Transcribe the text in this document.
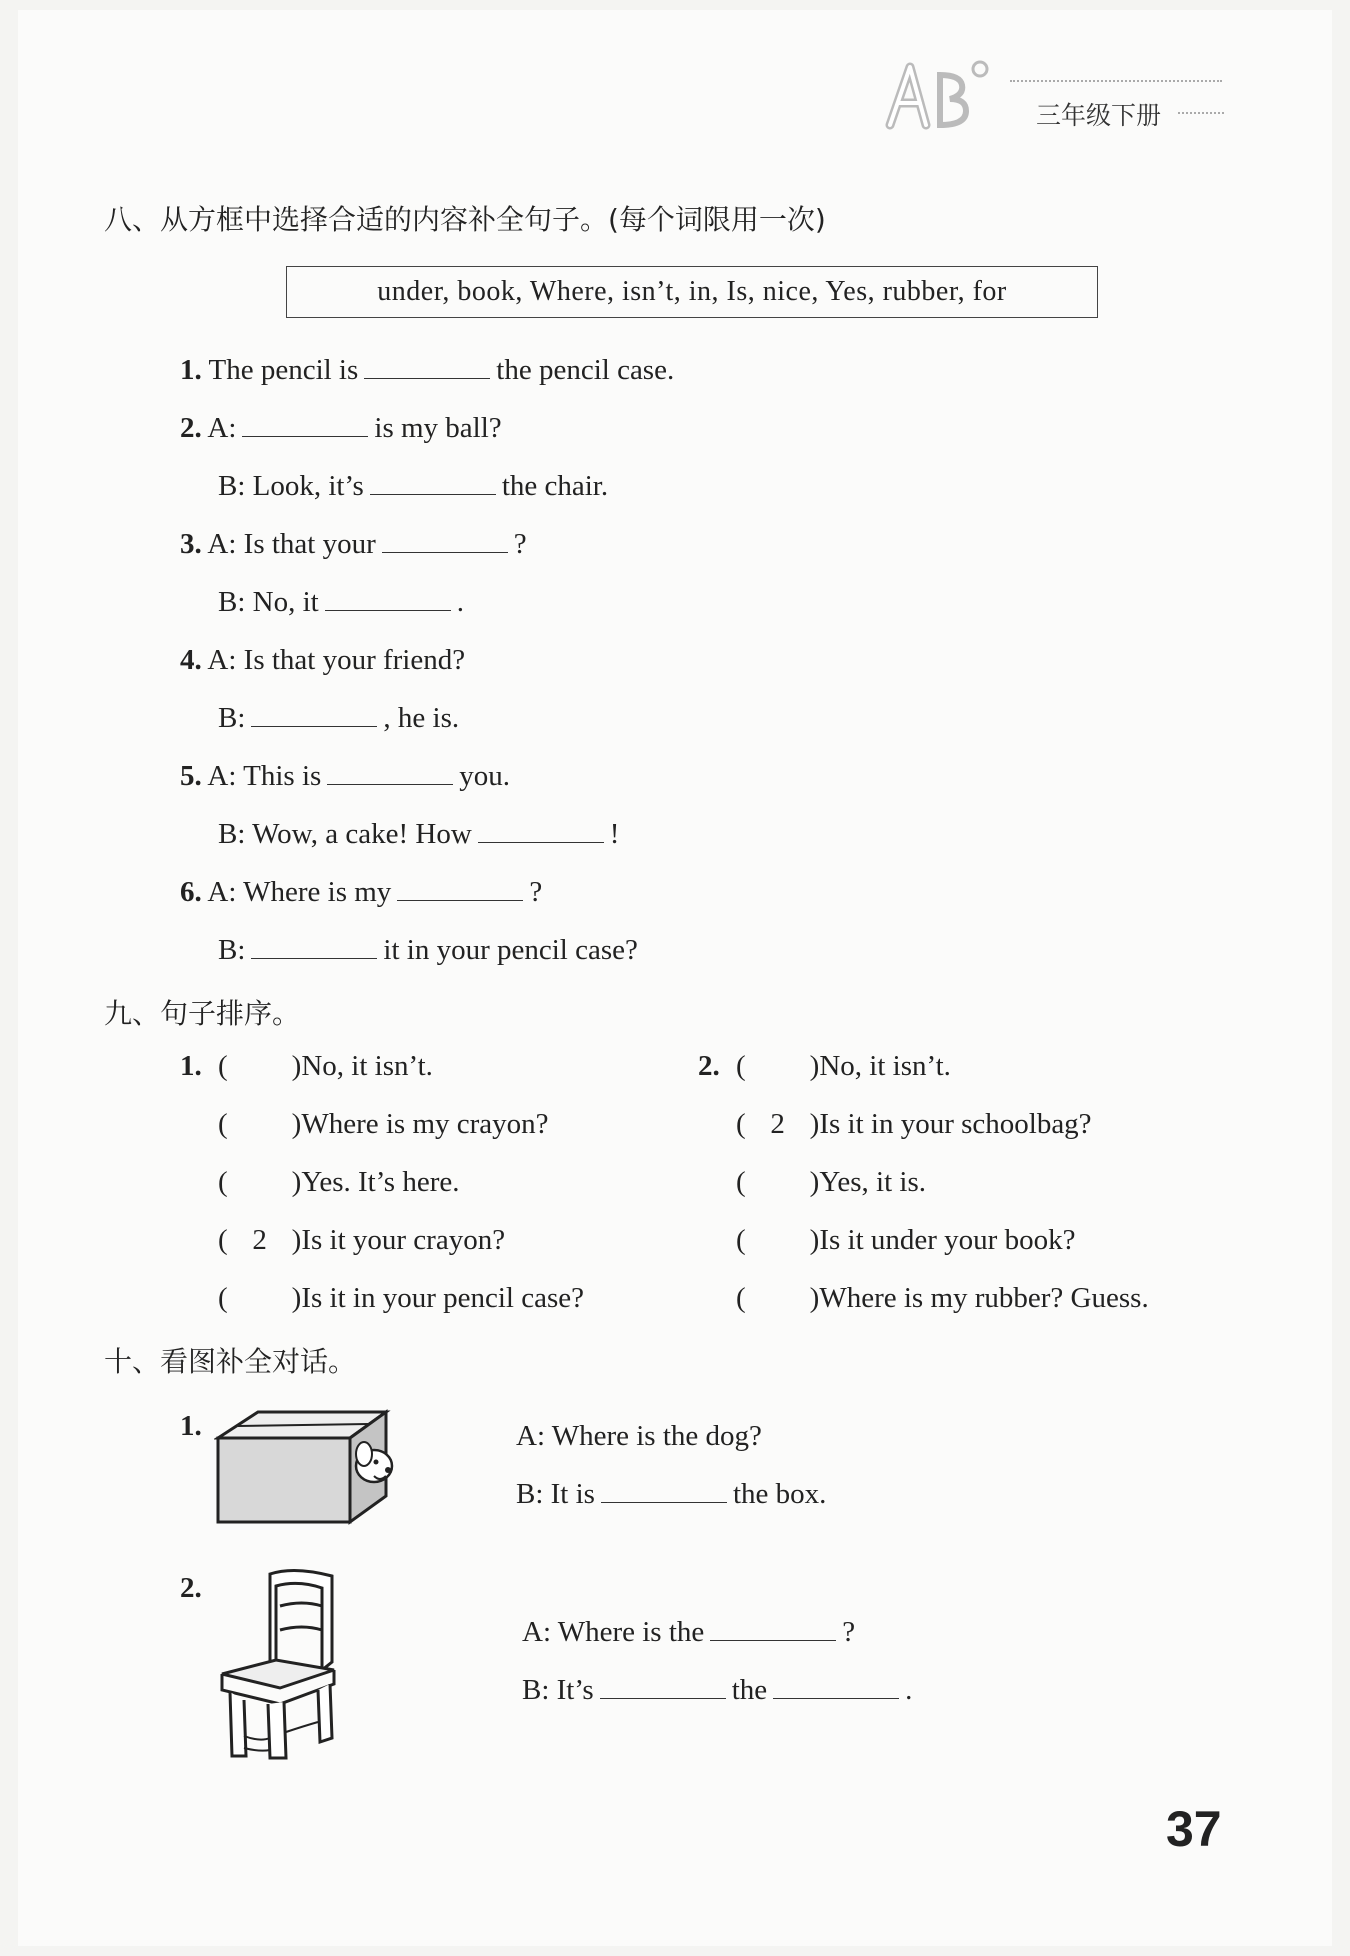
三年级下册
八、从方框中选择合适的内容补全句子。(每个词限用一次)
under, book, Where, isn’t, in, Is, nice, Yes, rubber, for
1. The pencil is	the pencil case.
2. A:	is my ball?
B: Look, it’s	the chair.
3. A: Is that your	?
B: No, it	.
4. A: Is that your friend?
B:	, he is.
5. A: This is	you.
B: Wow, a cake! How	!
6. A: Where is my	?
B:	it in your pencil case?
九、句子排序。
1.	2.
( )No, it isn’t.
( )Where is my crayon?
( )Yes. It’s here.
( 2 )Is it your crayon?
( )Is it in your pencil case?
( )No, it isn’t.
( 2 )Is it in your schoolbag?
( )Yes, it is.
( )Is it under your book?
( )Where is my rubber? Guess.
十、看图补全对话。
1.	A: Where is the dog?
B: It is	the box.
2.
A: Where is the	?
B: It’s	the	.
37
